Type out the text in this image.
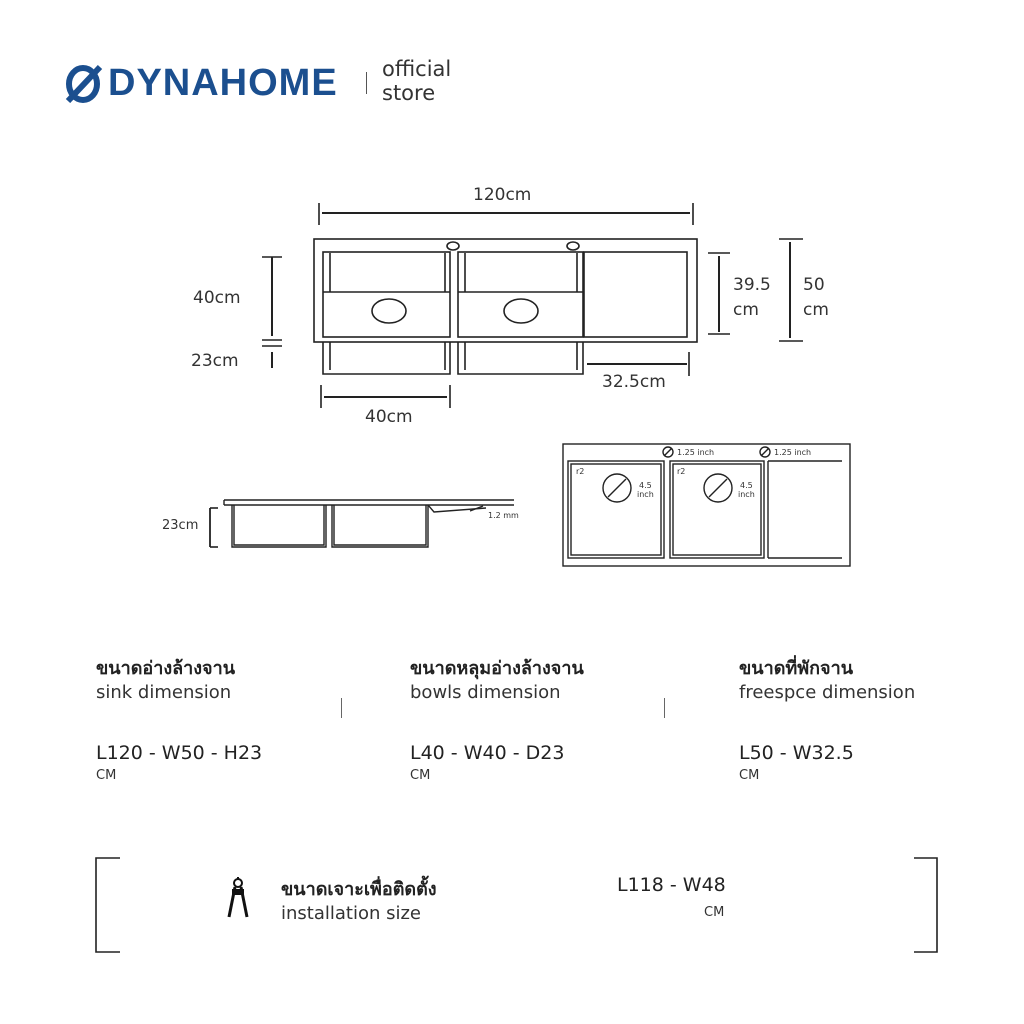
DYNAHOME official
store
120cm
40cm
23cm
40cm
32.5cm
39.5
cm
50
cm
23cm
1.2 mm
1.25 inch	1.25 inch
r2	r2
4.5
inch
4.5
inch
ขนาดอ่างล้างจาน
sink dimension
L120 - W50 - H23
CM
ขนาดหลุมอ่างล้างจาน
bowls dimension
L40 - W40 - D23
CM
ขนาดที่พักจาน
freespce dimension
L50 - W32.5
CM
ขนาดเจาะเพื่อติดตั้ง
installation size
L118 - W48
CM
